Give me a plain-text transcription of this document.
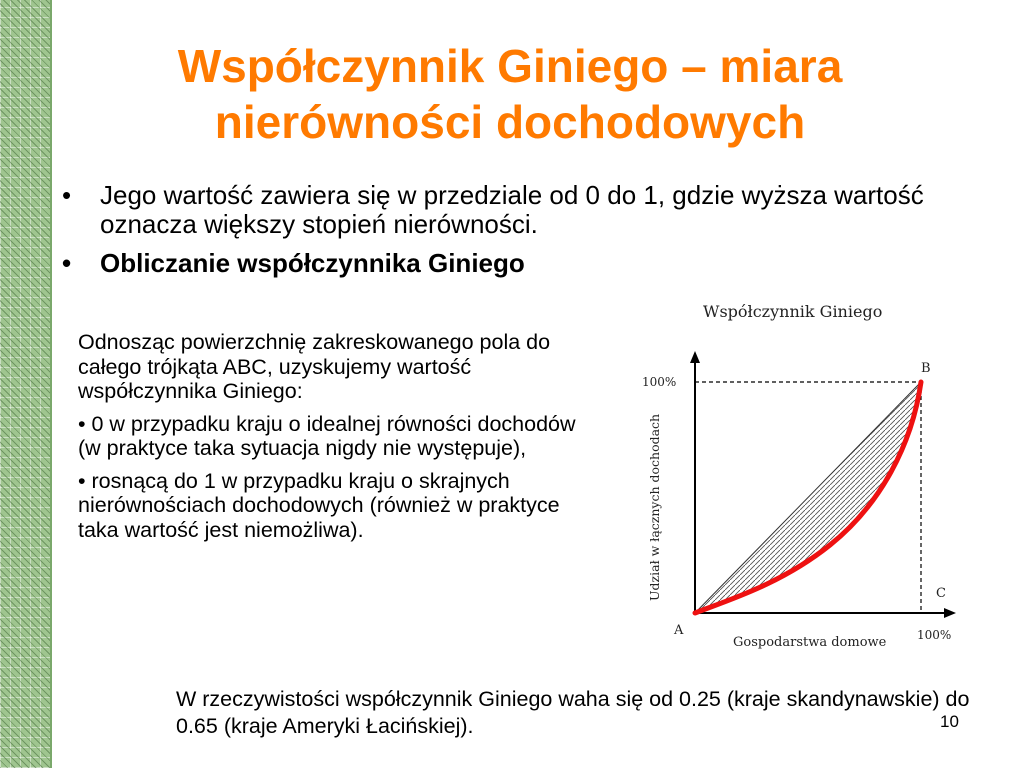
Współczynnik Giniego – miara
nierówności dochodowych
• Jego wartość zawiera się w przedziale od 0 do 1, gdzie wyższa wartość oznacza większy stopień nierówności.
• Obliczanie współczynnika Giniego

Odnosząc powierzchnię zakreskowanego pola do całego trójkąta ABC, uzyskujemy wartość współczynnika Giniego:

• 0 w przypadku kraju o idealnej równości dochodów (w praktyce taka sytuacja nigdy nie występuje),

• rosnącą do 1 w przypadku kraju o skrajnych nierównościach dochodowych (również w praktyce taka wartość jest niemożliwa).

Współczynnik Giniego
100%
B
C
A	100%
Gospodarstwa domowe
Udział w łącznych dochodach
W rzeczywistości współczynnik Giniego waha się od 0.25 (kraje skandynawskie) do 0.65 (kraje Ameryki Łacińskiej).	10
